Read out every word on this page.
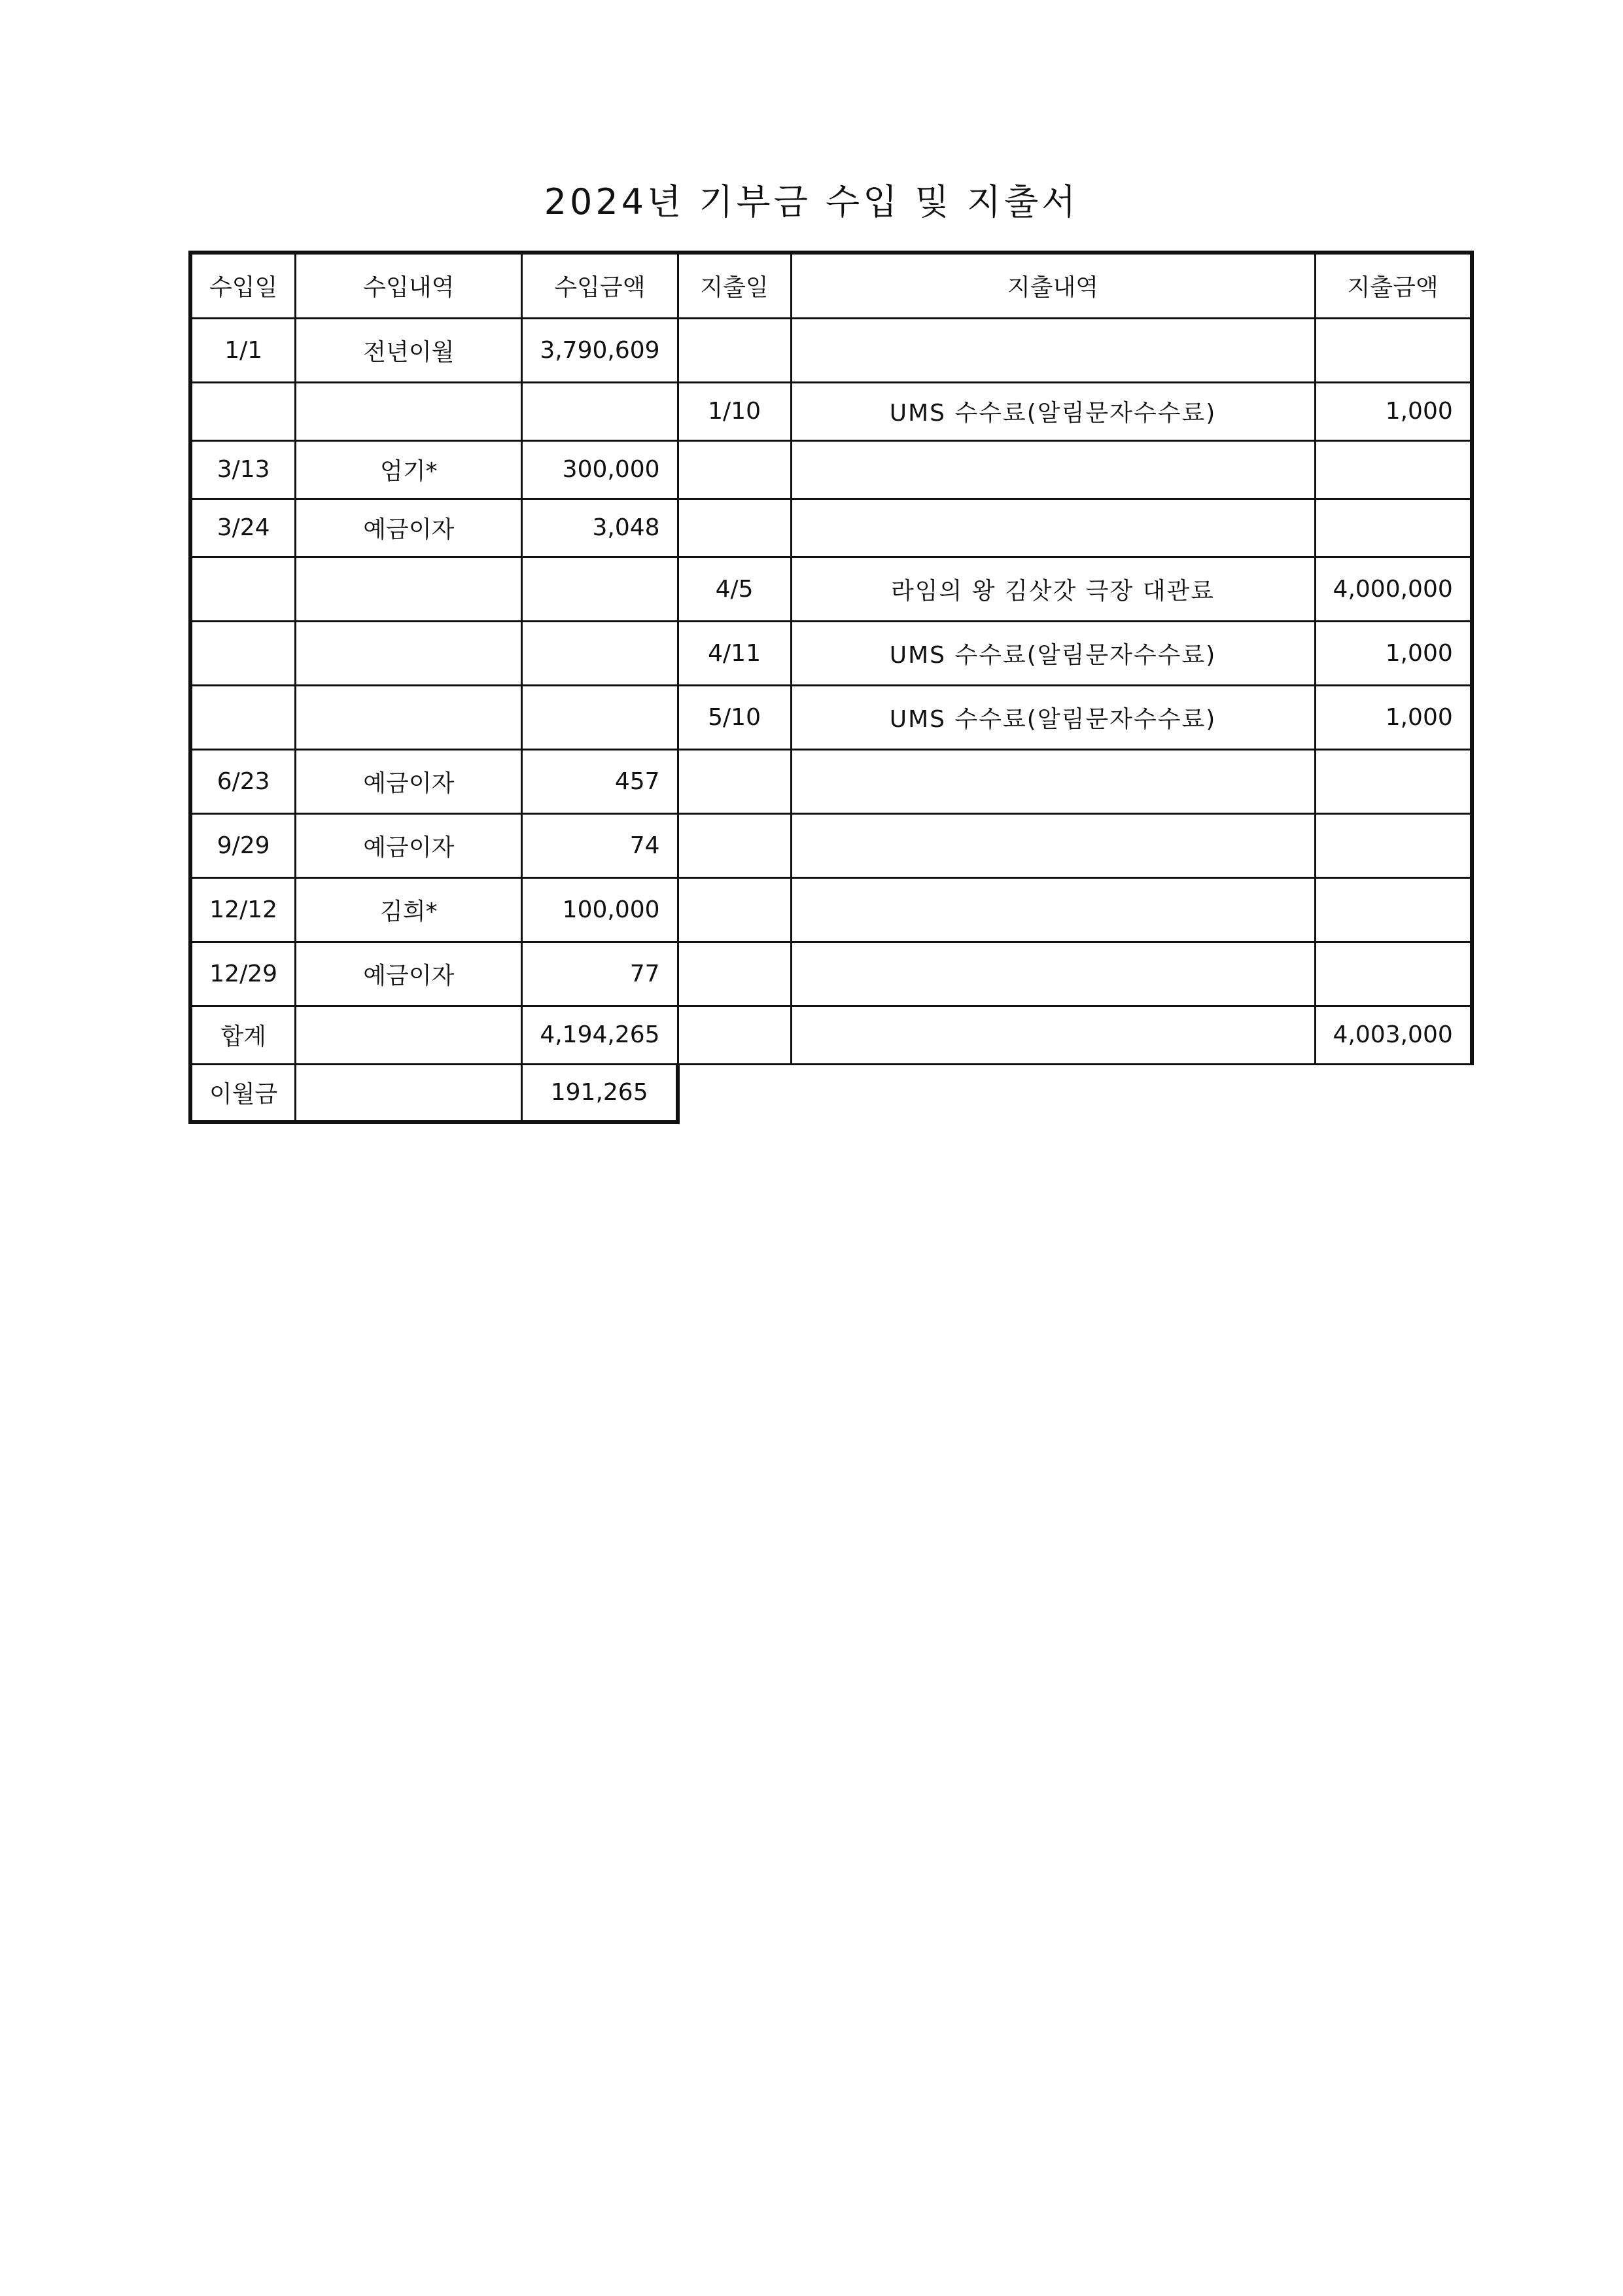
2024년 기부금 수입 및 지출서
수입일	수입내역	수입금액	지출일	지출내역	지출금액
1/1	전년이월	3,790,609			
			1/10	UMS 수수료(알림문자수수료)	1,000
3/13	엄기*	300,000			
3/24	예금이자	3,048			
			4/5	라임의 왕 김삿갓 극장 대관료	4,000,000
			4/11	UMS 수수료(알림문자수수료)	1,000
			5/10	UMS 수수료(알림문자수수료)	1,000
6/23	예금이자	457			
9/29	예금이자	74			
12/12	김희*	100,000			
12/29	예금이자	77			
합계		4,194,265			4,003,000
이월금		191,265			
